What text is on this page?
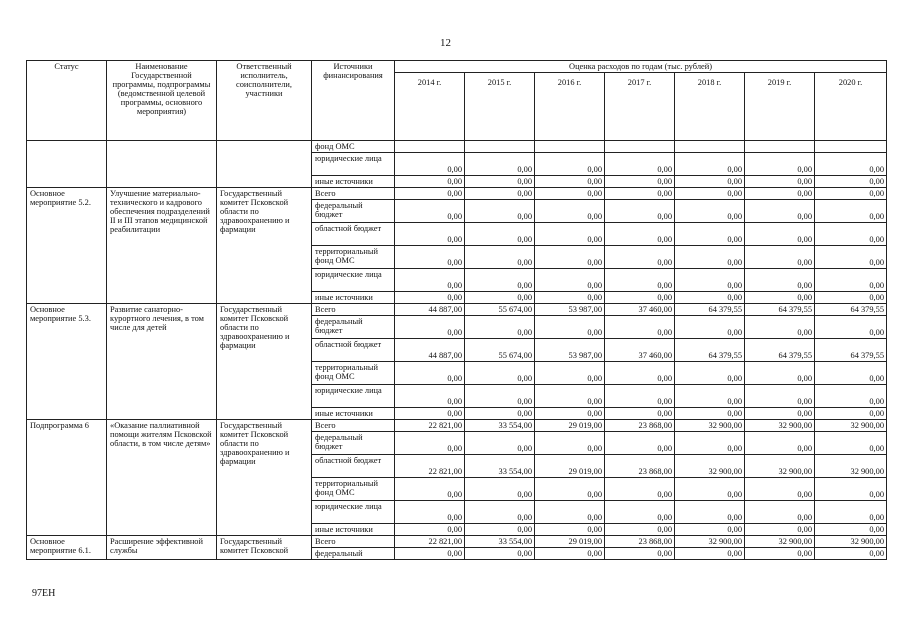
12
Статус	Наименование Государственной программы, подпрограммы (ведомственной целевой программы, основного мероприятия)	Ответственный исполнитель, соисполнители, участники	Источники финансирования	Оценка расходов по годам (тыс. рублей)						
				2014 г.	2015 г.	2016 г.	2017 г.	2018 г.	2019 г.	2020 г.
			фонд ОМС							
			юридические лица	0,00	0,00	0,00	0,00	0,00	0,00	0,00
			иные источники	0,00	0,00	0,00	0,00	0,00	0,00	0,00
Основное мероприятие 5.2.	Улучшение материально-технического и кадрового обеспечения подразделений II и III этапов медицинской реабилитации	Государственный комитет Псковской области по здравоохранению и фармации	Всего	0,00	0,00	0,00	0,00	0,00	0,00	0,00
			федеральный бюджет	0,00	0,00	0,00	0,00	0,00	0,00	0,00
			областной бюджет	0,00	0,00	0,00	0,00	0,00	0,00	0,00
			территориальный фонд ОМС	0,00	0,00	0,00	0,00	0,00	0,00	0,00
			юридические лица	0,00	0,00	0,00	0,00	0,00	0,00	0,00
			иные источники	0,00	0,00	0,00	0,00	0,00	0,00	0,00
Основное мероприятие 5.3.	Развитие санаторно-курортного лечения, в том числе для детей	Государственный комитет Псковской области по здравоохранению и фармации	Всего	44 887,00	55 674,00	53 987,00	37 460,00	64 379,55	64 379,55	64 379,55
			федеральный бюджет	0,00	0,00	0,00	0,00	0,00	0,00	0,00
			областной бюджет	44 887,00	55 674,00	53 987,00	37 460,00	64 379,55	64 379,55	64 379,55
			территориальный фонд ОМС	0,00	0,00	0,00	0,00	0,00	0,00	0,00
			юридические лица	0,00	0,00	0,00	0,00	0,00	0,00	0,00
			иные источники	0,00	0,00	0,00	0,00	0,00	0,00	0,00
Подпрограмма 6	«Оказание паллиативной помощи жителям Псковской области, в том числе детям»	Государственный комитет Псковской области по здравоохранению и фармации	Всего	22 821,00	33 554,00	29 019,00	23 868,00	32 900,00	32 900,00	32 900,00
			федеральный бюджет	0,00	0,00	0,00	0,00	0,00	0,00	0,00
			областной бюджет	22 821,00	33 554,00	29 019,00	23 868,00	32 900,00	32 900,00	32 900,00
			территориальный фонд ОМС	0,00	0,00	0,00	0,00	0,00	0,00	0,00
			юридические лица	0,00	0,00	0,00	0,00	0,00	0,00	0,00
			иные источники	0,00	0,00	0,00	0,00	0,00	0,00	0,00
Основное мероприятие 6.1.	Расширение эффективной службы	Государственный комитет Псковской	Всего	22 821,00	33 554,00	29 019,00	23 868,00	32 900,00	32 900,00	32 900,00
			федеральный	0,00	0,00	0,00	0,00	0,00	0,00	0,00
97EH
